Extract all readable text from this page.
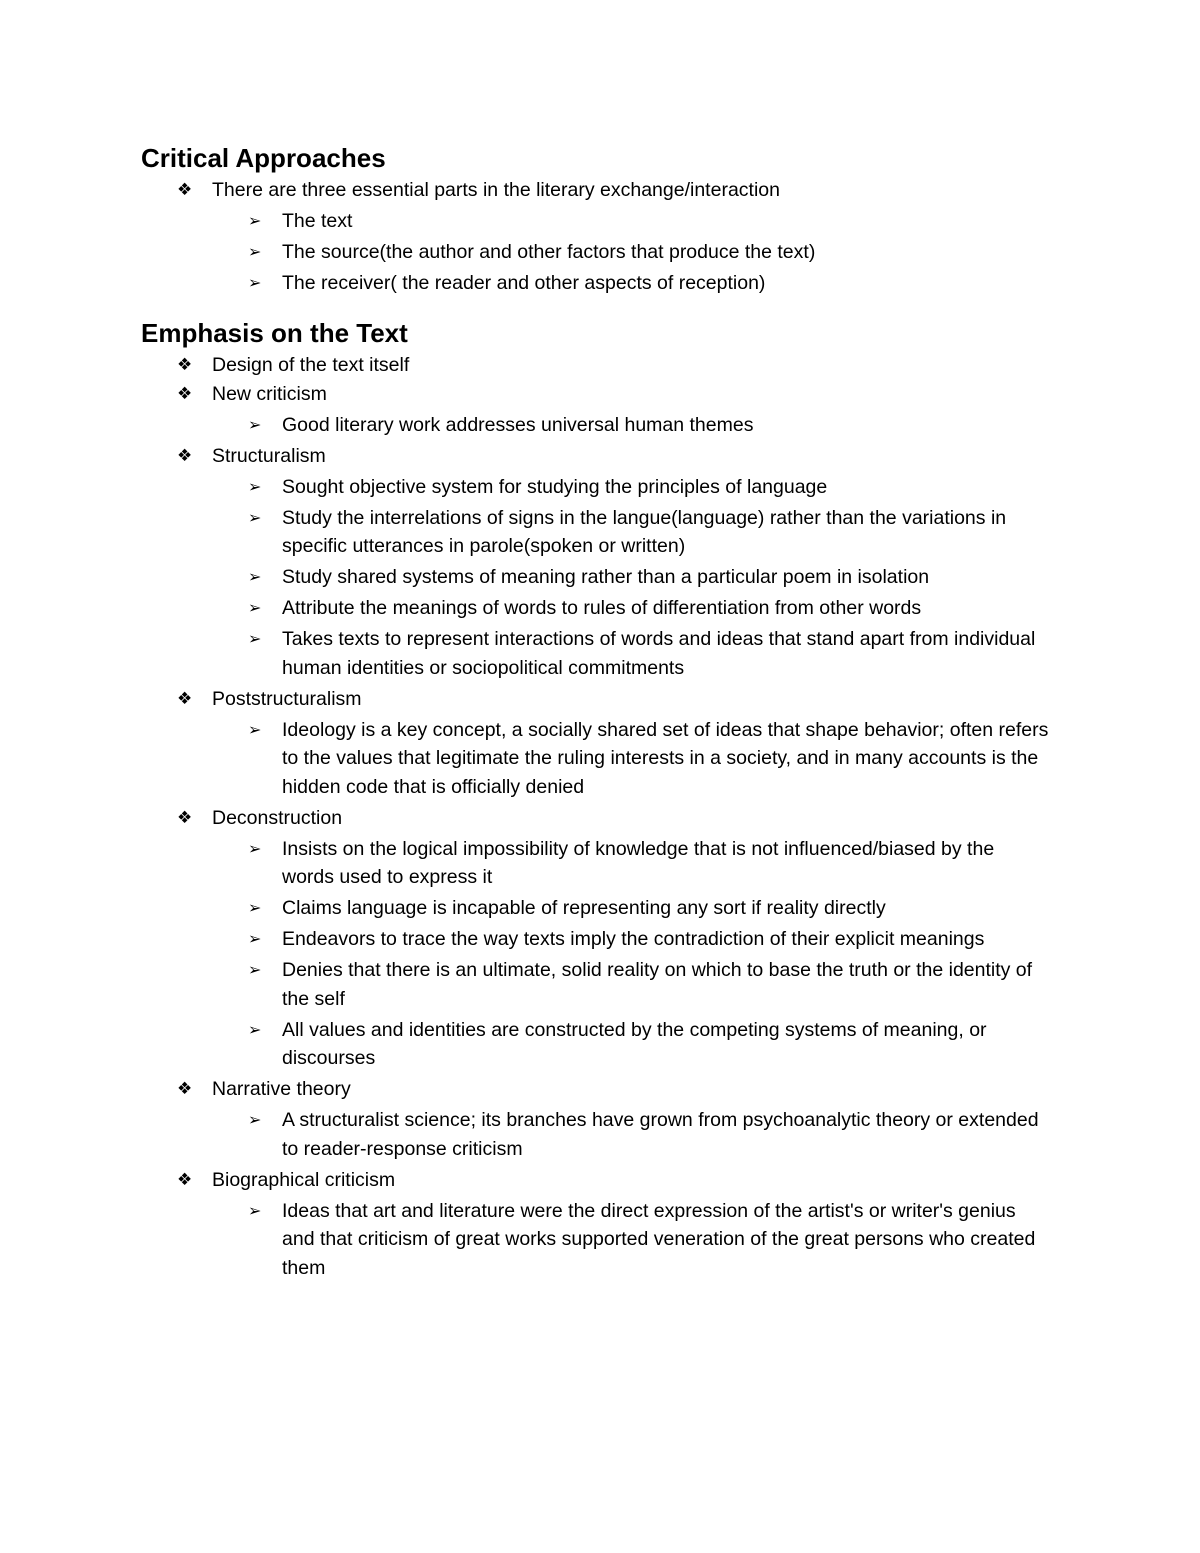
Critical Approaches
❖ There are three essential parts in the literary exchange/interaction
➢ The text
➢ The source(the author and other factors that produce the text)
➢ The receiver( the reader and other aspects of reception)
Emphasis on the Text
❖ Design of the text itself
❖ New criticism
➢ Good literary work addresses universal human themes
❖ Structuralism
➢ Sought objective system for studying the principles of language
➢ Study the interrelations of signs in the langue(language) rather than the variations in specific utterances in parole(spoken or written)
➢ Study shared systems of meaning rather than a particular poem in isolation
➢ Attribute the meanings of words to rules of differentiation from other words
➢ Takes texts to represent interactions of words and ideas that stand apart from individual human identities or sociopolitical commitments
❖ Poststructuralism
➢ Ideology is a key concept, a socially shared set of ideas that shape behavior; often refers to the values that legitimate the ruling interests in a society, and in many accounts is the hidden code that is officially denied
❖ Deconstruction
➢ Insists on the logical impossibility of knowledge that is not influenced/biased by the words used to express it
➢ Claims language is incapable of representing any sort if reality directly
➢ Endeavors to trace the way texts imply the contradiction of their explicit meanings
➢ Denies that there is an ultimate, solid reality on which to base the truth or the identity of the self
➢ All values and identities are constructed by the competing systems of meaning, or discourses
❖ Narrative theory
➢ A structuralist science; its branches have grown from psychoanalytic theory or extended to reader-response criticism
❖ Biographical criticism
➢ Ideas that art and literature were the direct expression of the artist's or writer's genius and that criticism of great works supported veneration of the great persons who created them
